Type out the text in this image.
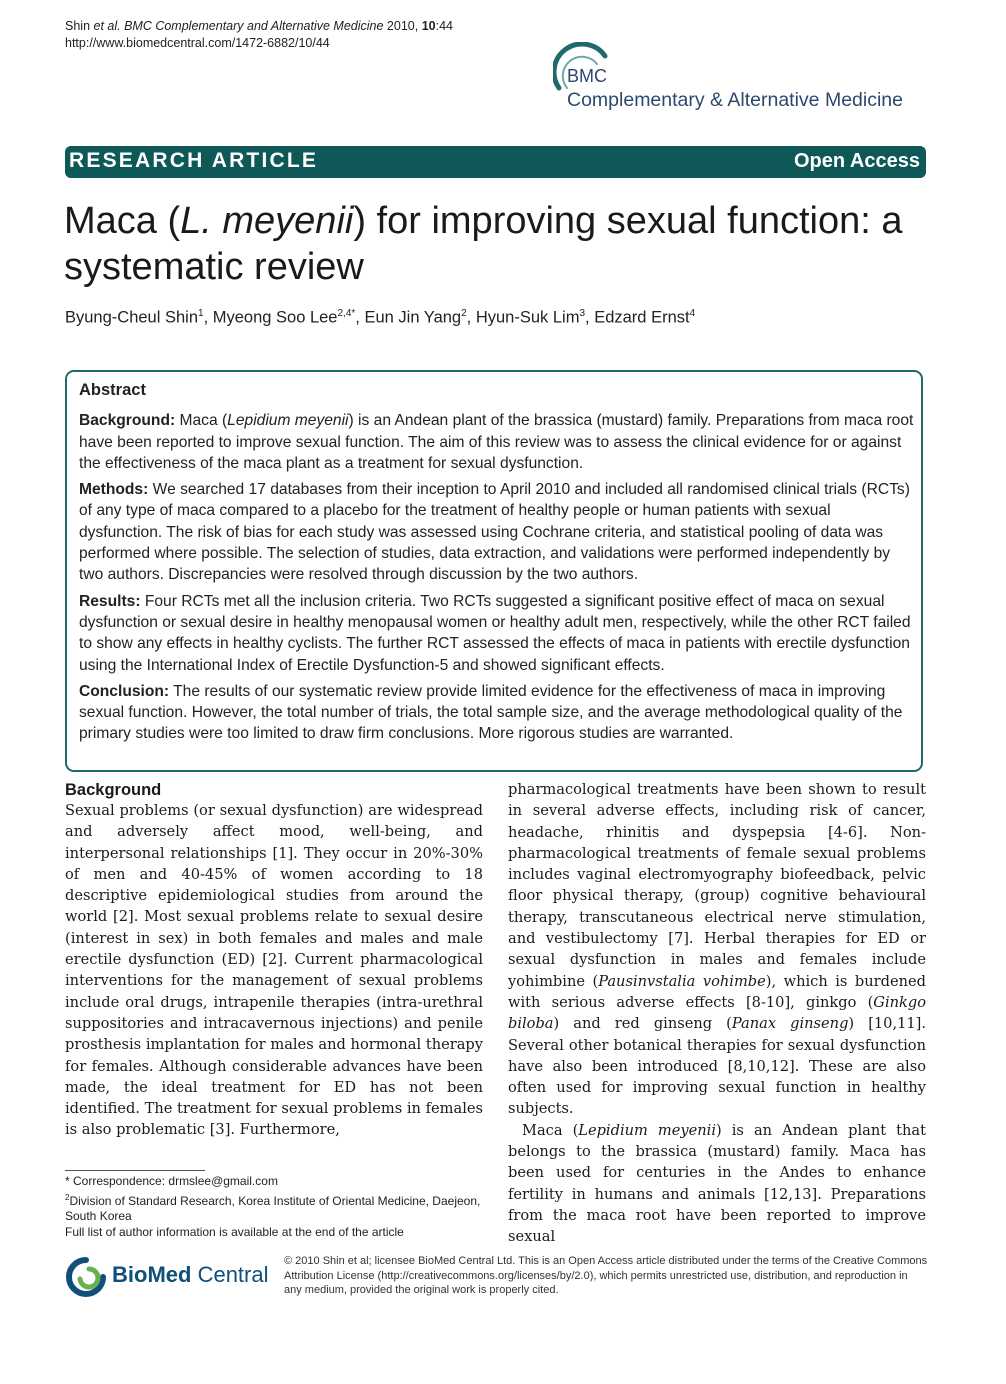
Shin et al. BMC Complementary and Alternative Medicine 2010, 10:44
http://www.biomedcentral.com/1472-6882/10/44
BMC
Complementary & Alternative Medicine
RESEARCH ARTICLE	Open Access
Maca (L. meyenii) for improving sexual function: a systematic review
Byung-Cheul Shin$^1$, Myeong Soo Lee$^{2,4*}$, Eun Jin Yang$^2$, Hyun-Suk Lim$^3$, Edzard Ernst$^4$
Abstract

Background: Maca (Lepidium meyenii) is an Andean plant of the brassica (mustard) family. Preparations from maca root have been reported to improve sexual function. The aim of this review was to assess the clinical evidence for or against the effectiveness of the maca plant as a treatment for sexual dysfunction.

Methods: We searched 17 databases from their inception to April 2010 and included all randomised clinical trials (RCTs) of any type of maca compared to a placebo for the treatment of healthy people or human patients with sexual dysfunction. The risk of bias for each study was assessed using Cochrane criteria, and statistical pooling of data was performed where possible. The selection of studies, data extraction, and validations were performed independently by two authors. Discrepancies were resolved through discussion by the two authors.

Results: Four RCTs met all the inclusion criteria. Two RCTs suggested a significant positive effect of maca on sexual dysfunction or sexual desire in healthy menopausal women or healthy adult men, respectively, while the other RCT failed to show any effects in healthy cyclists. The further RCT assessed the effects of maca in patients with erectile dysfunction using the International Index of Erectile Dysfunction-5 and showed significant effects.

Conclusion: The results of our systematic review provide limited evidence for the effectiveness of maca in improving sexual function. However, the total number of trials, the total sample size, and the average methodological quality of the primary studies were too limited to draw firm conclusions. More rigorous studies are warranted.

Background

Sexual problems (or sexual dysfunction) are widespread and adversely affect mood, well-being, and interpersonal relationships [1]. They occur in 20%-30% of men and 40-45% of women according to 18 descriptive epidemiological studies from around the world [2]. Most sexual problems relate to sexual desire (interest in sex) in both females and males and male erectile dysfunction (ED) [2]. Current pharmacological interventions for the management of sexual problems include oral drugs, intrapenile therapies (intra-urethral suppositories and intracavernous injections) and penile prosthesis implantation for males and hormonal therapy for females. Although considerable advances have been made, the ideal treatment for ED has not been identified. The treatment for sexual problems in females is also problematic [3]. Furthermore,

pharmacological treatments have been shown to result in several adverse effects, including risk of cancer, headache, rhinitis and dyspepsia [4-6]. Non-pharmacological treatments of female sexual problems includes vaginal electromyography biofeedback, pelvic floor physical therapy, (group) cognitive behavioural therapy, transcutaneous electrical nerve stimulation, and vestibulectomy [7]. Herbal therapies for ED or sexual dysfunction in males and females include yohimbine (Pausinvstalia vohimbe), which is burdened with serious adverse effects [8-10], ginkgo (Ginkgo biloba) and red ginseng (Panax ginseng) [10,11]. Several other botanical therapies for sexual dysfunction have also been introduced [8,10,12]. These are also often used for improving sexual function in healthy subjects.

Maca (Lepidium meyenii) is an Andean plant that belongs to the brassica (mustard) family. Maca has been used for centuries in the Andes to enhance fertility in humans and animals [12,13]. Preparations from the maca root have been reported to improve sexual

* Correspondence: drmslee@gmail.com

$^2$Division of Standard Research, Korea Institute of Oriental Medicine, Daejeon, South Korea

Full list of author information is available at the end of the article

BioMed Central
© 2010 Shin et al; licensee BioMed Central Ltd. This is an Open Access article distributed under the terms of the Creative Commons Attribution License (http://creativecommons.org/licenses/by/2.0), which permits unrestricted use, distribution, and reproduction in any medium, provided the original work is properly cited.
